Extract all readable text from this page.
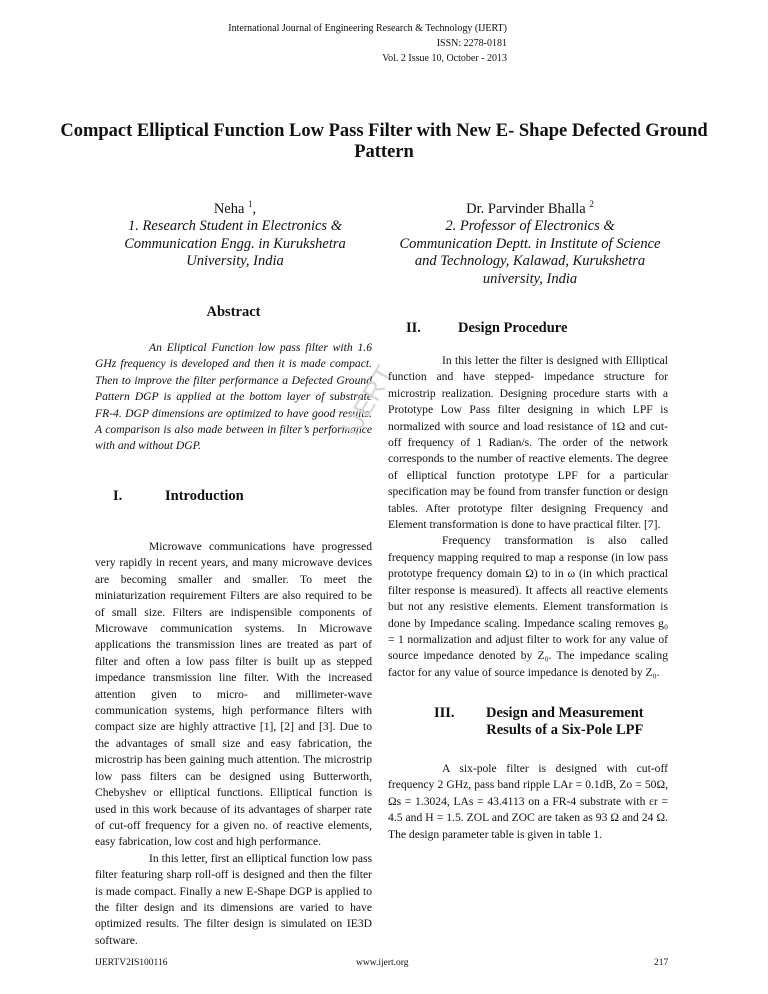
International Journal of Engineering Research & Technology (IJERT)
ISSN: 2278-0181
Vol. 2 Issue 10, October - 2013
Compact Elliptical Function Low Pass Filter with New E- Shape Defected Ground Pattern
Neha $^1$,
1. Research Student in Electronics &
Communication Engg. in Kurukshetra
University, India
Dr. Parvinder Bhalla $^2$
2. Professor of Electronics &
Communication Deptt. in Institute of Science
and Technology, Kalawad, Kurukshetra
university, India
Abstract

An Eliptical Function low pass filter with 1.6 GHz frequency is developed and then it is made compact. Then to improve the filter performance a Defected Ground Pattern DGP is applied at the bottom layer of substrate FR-4. DGP dimensions are optimized to have good results. A comparison is also made between in filter’s performance with and without DGP.

I.	Introduction

Microwave communications have progressed very rapidly in recent years, and many microwave devices are becoming smaller and smaller. To meet the miniaturization requirement Filters are also required to be of small size. Filters are indispensible components of Microwave communication systems. In Microwave applications the transmission lines are treated as part of filter and often a low pass filter is built up as stepped impedance transmission line filter. With the increased attention given to micro- and millimeter-wave communication systems, high performance filters with compact size are highly attractive [1], [2] and [3]. Due to the advantages of small size and easy fabrication, the microstrip has been gaining much attention. The microstrip low pass filters can be designed using Butterworth, Chebyshev or elliptical functions. Elliptical function is used in this work because of its advantages of sharper rate of cut-off frequency for a given no. of reactive elements, easy fabrication, low cost and high performance.

In this letter, first an elliptical function low pass filter featuring sharp roll-off is designed and then the filter is made compact. Finally a new E-Shape DGP is applied to the filter design and its dimensions are varied to have optimized results. The filter design is simulated on IE3D software.

IJERT
II.	Design Procedure

In this letter the filter is designed with Elliptical function and have stepped- impedance structure for microstrip realization. Designing procedure starts with a Prototype Low Pass filter designing in which LPF is normalized with source and load resistance of 1Ω and cut-off frequency of 1 Radian/s. The order of the network corresponds to the number of reactive elements. The degree of elliptical function prototype LPF for a particular specification may be found from transfer function or design tables. After prototype filter designing Frequency and Element transformation is done to have practical filter. [7].

Frequency transformation is also called frequency mapping required to map a response (in low pass prototype frequency domain Ω) to in ω (in which practical filter response is measured). It affects all reactive elements but not any resistive elements. Element transformation is done by Impedance scaling. Impedance scaling removes g₀ = 1 normalization and adjust filter to work for any value of source impedance denoted by Z₀. The impedance scaling factor for any value of source impedance is denoted by Z₀.

III.	Design and Measurement
Results of a Six-Pole LPF

A six-pole filter is designed with cut-off frequency 2 GHz, pass band ripple LAr = 0.1dB, Zo = 50Ω, Ωs = 1.3024, LAs = 43.4113 on a FR-4 substrate with εr = 4.5 and H = 1.5. ZOL and ZOC are taken as 93 Ω and 24 Ω. The design parameter table is given in table 1.

IJERTV2IS100116	www.ijert.org	217
